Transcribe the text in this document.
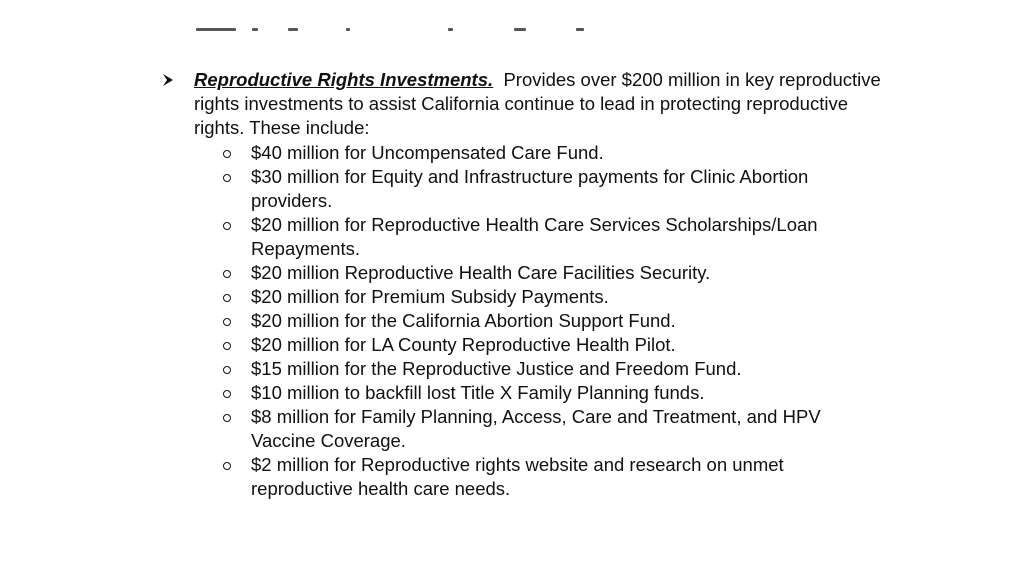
Reproductive Rights Investments. Provides over $200 million in key reproductive rights investments to assist California continue to lead in protecting reproductive rights. These include:
$40 million for Uncompensated Care Fund.
$30 million for Equity and Infrastructure payments for Clinic Abortion providers.
$20 million for Reproductive Health Care Services Scholarships/Loan Repayments.
$20 million Reproductive Health Care Facilities Security.
$20 million for Premium Subsidy Payments.
$20 million for the California Abortion Support Fund.
$20 million for LA County Reproductive Health Pilot.
$15 million for the Reproductive Justice and Freedom Fund.
$10 million to backfill lost Title X Family Planning funds.
$8 million for Family Planning, Access, Care and Treatment, and HPV Vaccine Coverage.
$2 million for Reproductive rights website and research on unmet reproductive health care needs.
